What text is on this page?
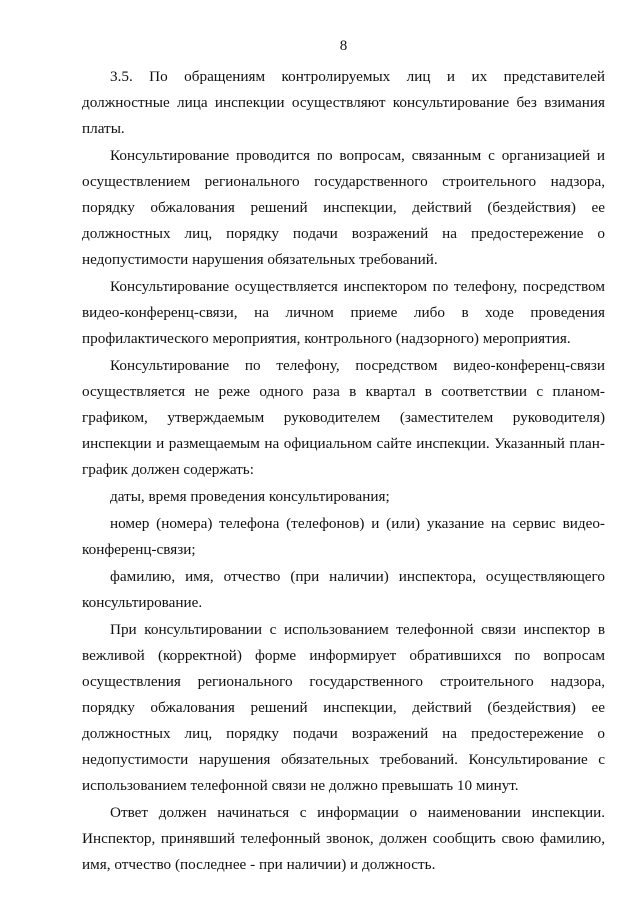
8

3.5. По обращениям контролируемых лиц и их представителей должностные лица инспекции осуществляют консультирование без взимания платы.

Консультирование проводится по вопросам, связанным с организацией и осуществлением регионального государственного строительного надзора, порядку обжалования решений инспекции, действий (бездействия) ее должностных лиц, порядку подачи возражений на предостережение о недопустимости нарушения обязательных требований.

Консультирование осуществляется инспектором по телефону, посредством видео-конференц-связи, на личном приеме либо в ходе проведения профилактического мероприятия, контрольного (надзорного) мероприятия.

Консультирование по телефону, посредством видео-конференц-связи осуществляется не реже одного раза в квартал в соответствии с планом-графиком, утверждаемым руководителем (заместителем руководителя) инспекции и размещаемым на официальном сайте инспекции. Указанный план-график должен содержать:

даты, время проведения консультирования;

номер (номера) телефона (телефонов) и (или) указание на сервис видео-конференц-связи;

фамилию, имя, отчество (при наличии) инспектора, осуществляющего консультирование.

При консультировании с использованием телефонной связи инспектор в вежливой (корректной) форме информирует обратившихся по вопросам осуществления регионального государственного строительного надзора, порядку обжалования решений инспекции, действий (бездействия) ее должностных лиц, порядку подачи возражений на предостережение о недопустимости нарушения обязательных требований. Консультирование с использованием телефонной связи не должно превышать 10 минут.

Ответ должен начинаться с информации о наименовании инспекции. Инспектор, принявший телефонный звонок, должен сообщить свою фамилию, имя, отчество (последнее - при наличии) и должность.
